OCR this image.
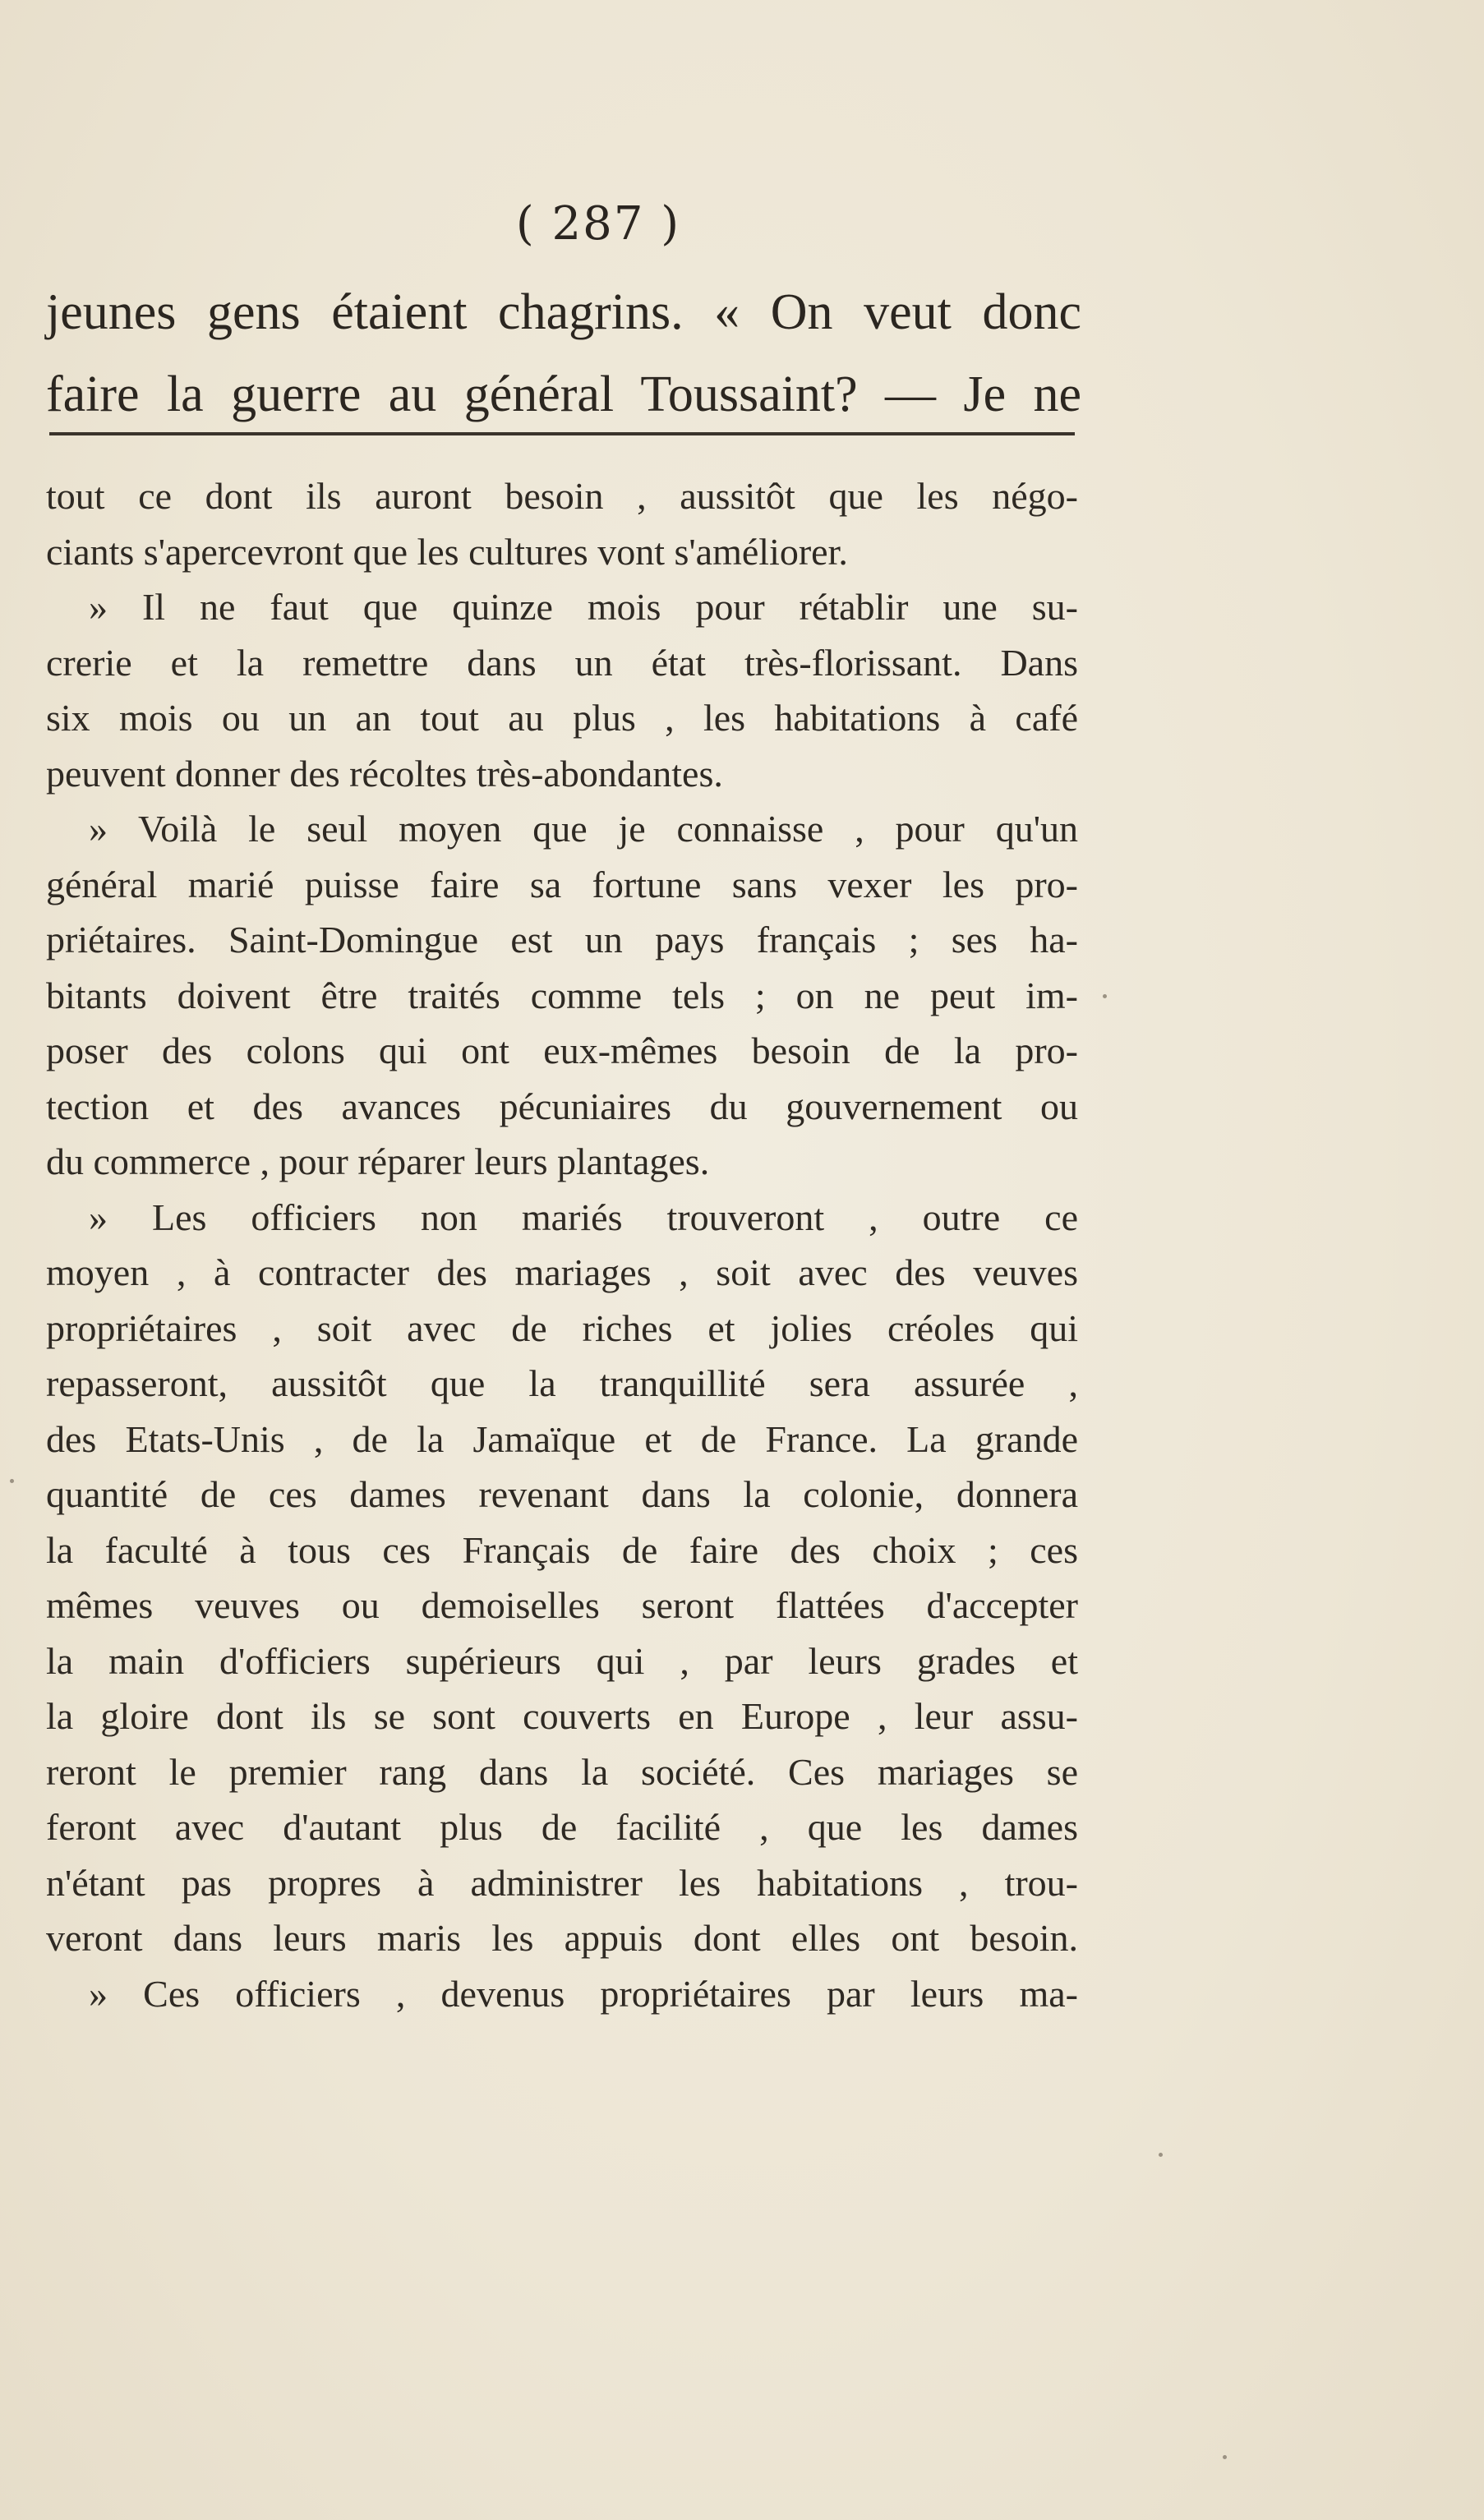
( 287 )
jeunes gens étaient chagrins. « On veut donc
faire la guerre au général Toussaint? — Je ne
tout ce dont ils auront besoin , aussitôt que les négo-
ciants s'apercevront que les cultures vont s'améliorer.
» Il ne faut que quinze mois pour rétablir une su-
crerie et la remettre dans un état très-florissant. Dans
six mois ou un an tout au plus , les habitations à café
peuvent donner des récoltes très-abondantes.
» Voilà le seul moyen que je connaisse , pour qu'un
général marié puisse faire sa fortune sans vexer les pro-
priétaires. Saint-Domingue est un pays français ; ses ha-
bitants doivent être traités comme tels ; on ne peut im-
poser des colons qui ont eux-mêmes besoin de la pro-
tection et des avances pécuniaires du gouvernement ou
du commerce , pour réparer leurs plantages.
» Les officiers non mariés trouveront , outre ce
moyen , à contracter des mariages , soit avec des veuves
propriétaires , soit avec de riches et jolies créoles qui
repasseront, aussitôt que la tranquillité sera assurée ,
des Etats-Unis , de la Jamaïque et de France. La grande
quantité de ces dames revenant dans la colonie, donnera
la faculté à tous ces Français de faire des choix ; ces
mêmes veuves ou demoiselles seront flattées d'accepter
la main d'officiers supérieurs qui , par leurs grades et
la gloire dont ils se sont couverts en Europe , leur assu-
reront le premier rang dans la société. Ces mariages se
feront avec d'autant plus de facilité , que les dames
n'étant pas propres à administrer les habitations , trou-
veront dans leurs maris les appuis dont elles ont besoin.
» Ces officiers , devenus propriétaires par leurs ma-
